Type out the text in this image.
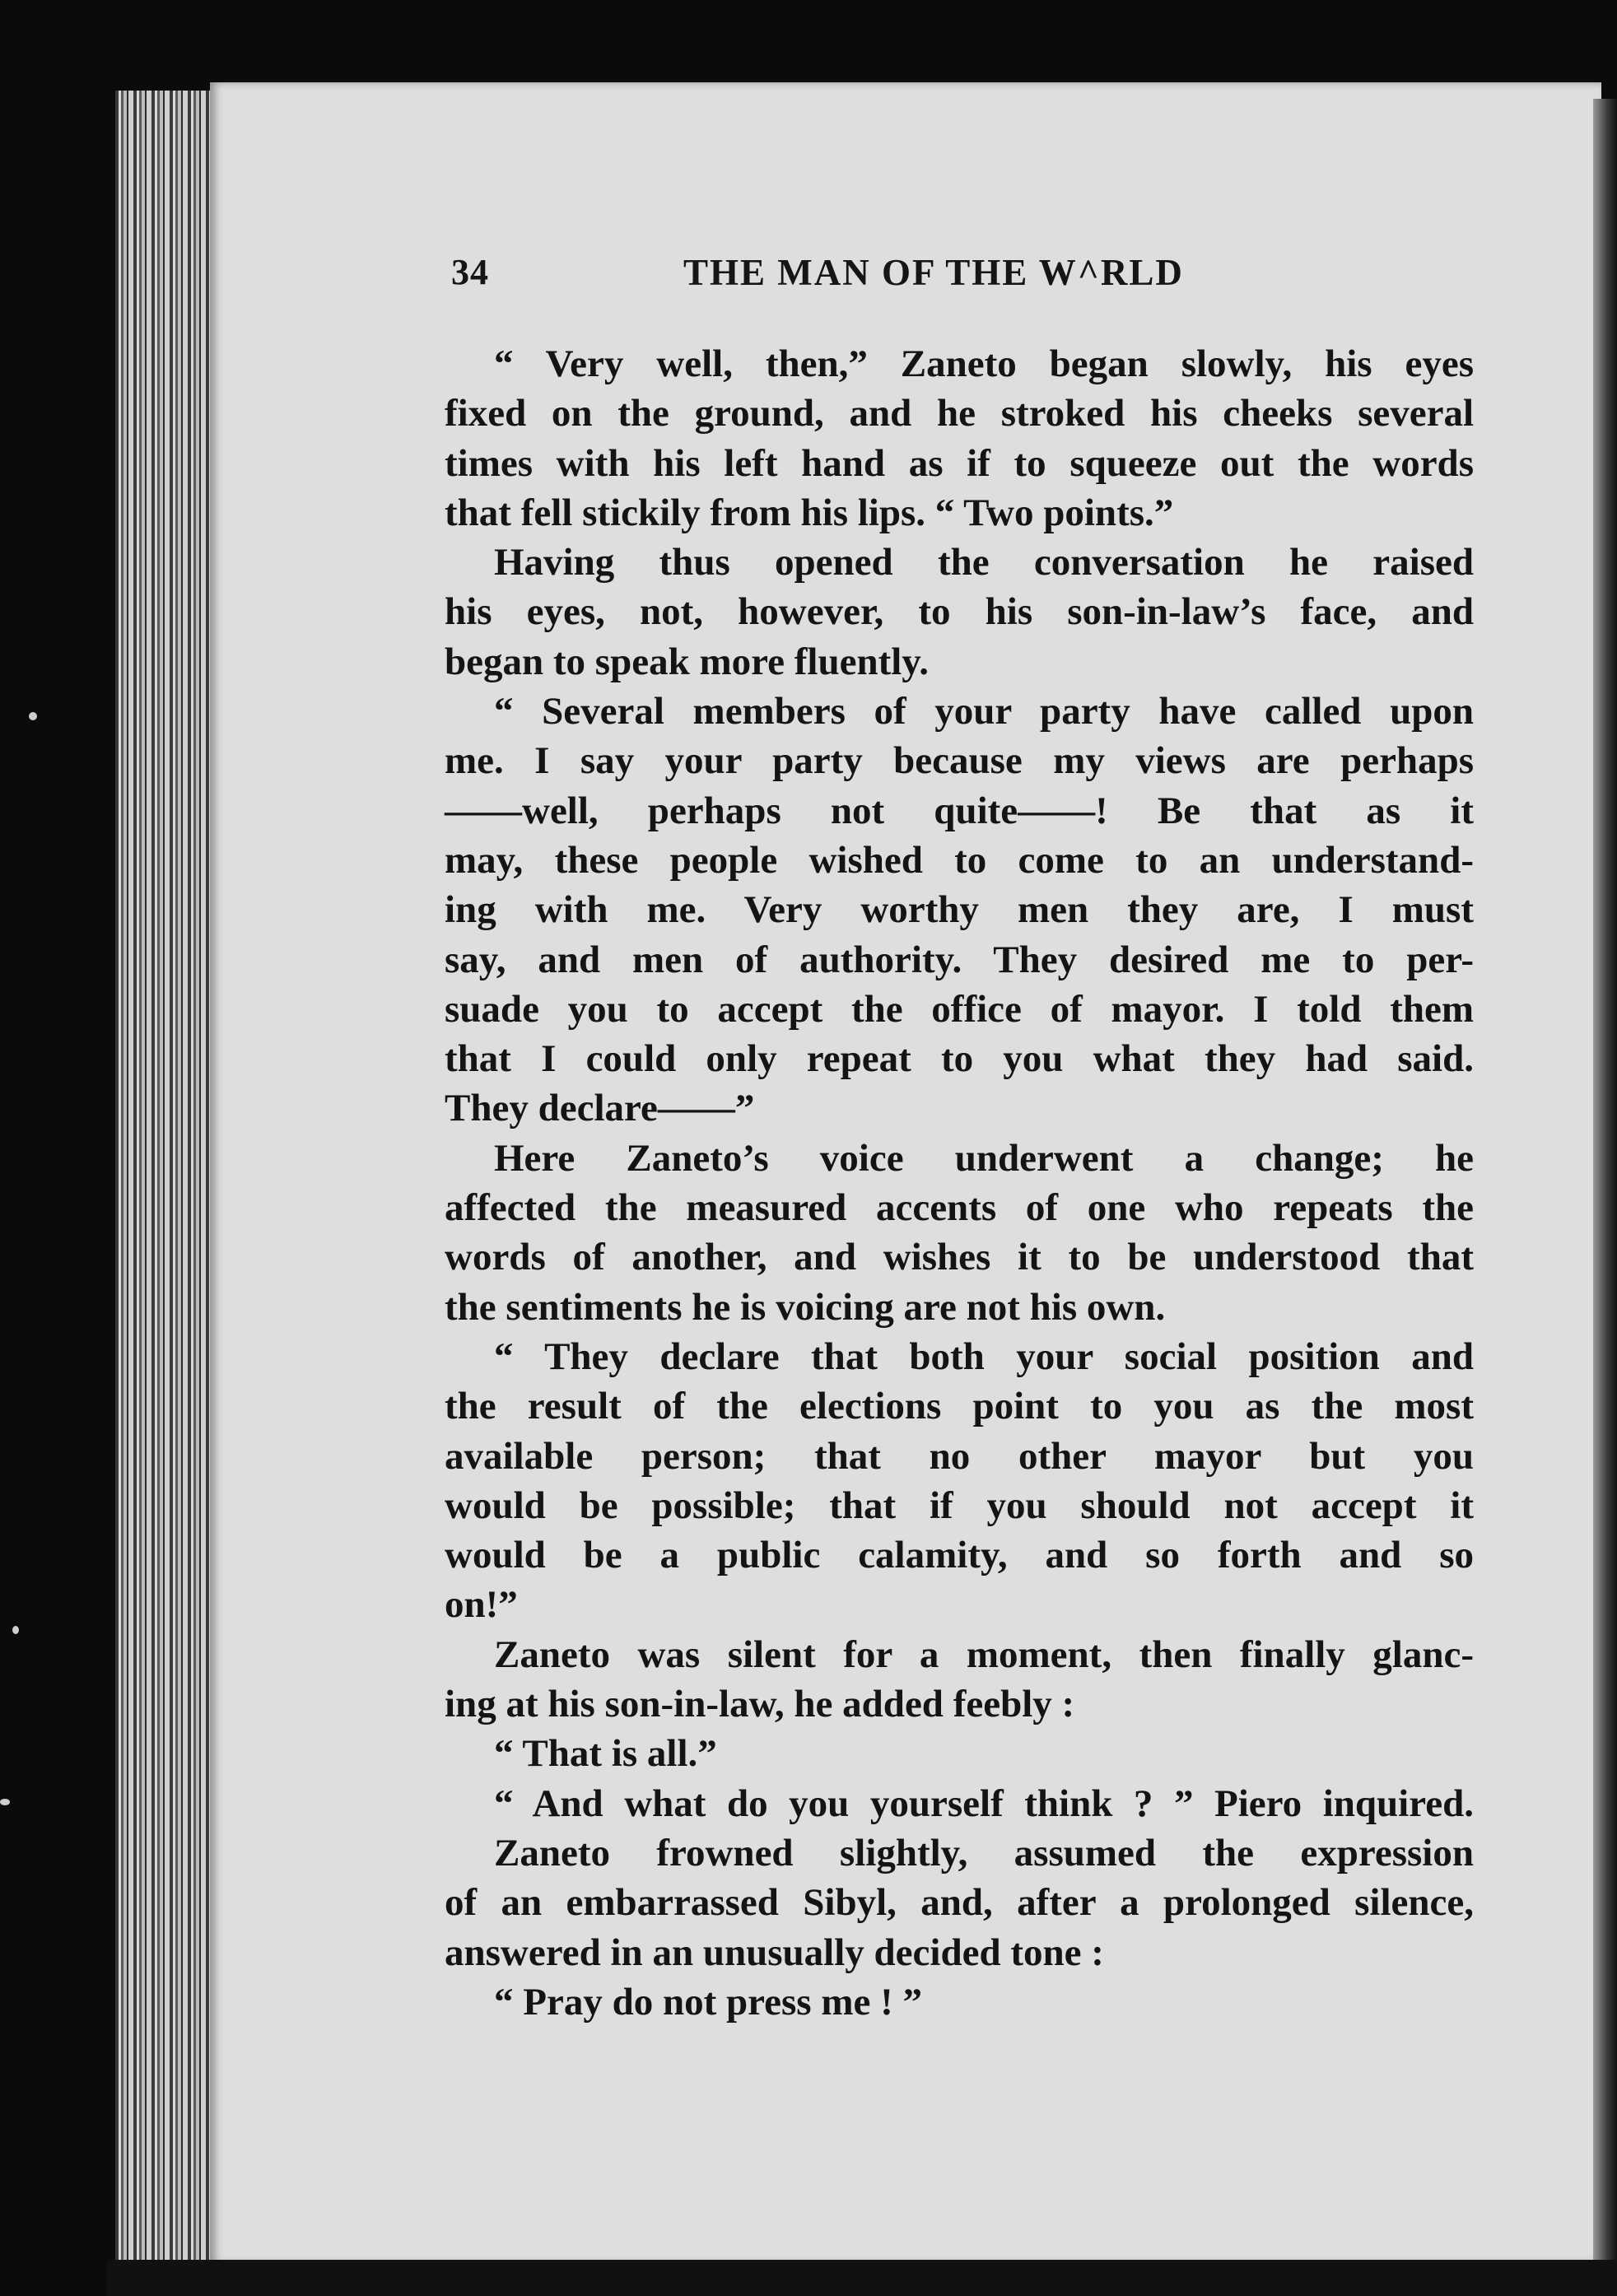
34	THE MAN OF THE W^RLD
“ Very well, then,” Zaneto began slowly, his eyes
fixed on the ground, and he stroked his cheeks several
times with his left hand as if to squeeze out the words
that fell stickily from his lips. “ Two points.”
Having thus opened the conversation he raised
his eyes, not, however, to his son-in-law’s face, and
began to speak more fluently.
“ Several members of your party have called upon
me. I say your party because my views are perhaps
——well, perhaps not quite——! Be that as it
may, these people wished to come to an understand-
ing with me. Very worthy men they are, I must
say, and men of authority. They desired me to per-
suade you to accept the office of mayor. I told them
that I could only repeat to you what they had said.
They declare——”
Here Zaneto’s voice underwent a change; he
affected the measured accents of one who repeats the
words of another, and wishes it to be understood that
the sentiments he is voicing are not his own.
“ They declare that both your social position and
the result of the elections point to you as the most
available person; that no other mayor but you
would be possible; that if you should not accept it
would be a public calamity, and so forth and so
on!”
Zaneto was silent for a moment, then finally glanc-
ing at his son-in-law, he added feebly :
“ That is all.”
“ And what do you yourself think ? ” Piero inquired.
Zaneto frowned slightly, assumed the expression
of an embarrassed Sibyl, and, after a prolonged silence,
answered in an unusually decided tone :
“ Pray do not press me ! ”
